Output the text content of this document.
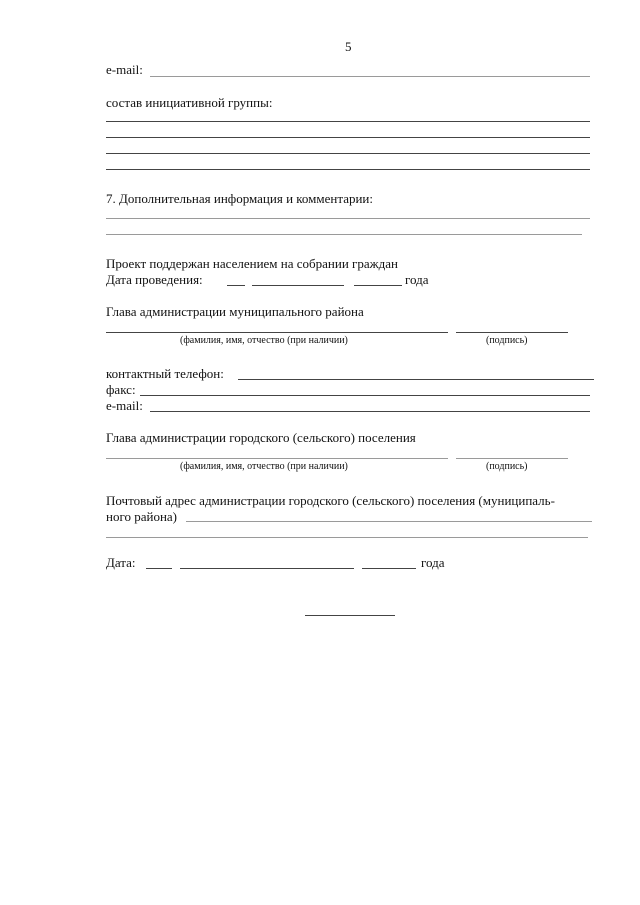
5
e-mail:
состав инициативной группы:
7. Дополнительная информация и комментарии:
Проект поддержан населением на собрании граждан
Дата проведения:	года
Глава администрации муниципального района
(фамилия, имя, отчество (при наличии)	(подпись)
контактный телефон:
факс:
e-mail:
Глава администрации городского (сельского) поселения
(фамилия, имя, отчество (при наличии)	(подпись)
Почтовый адрес администрации городского (сельского) поселения (муниципаль-
ного района)
Дата:	года
